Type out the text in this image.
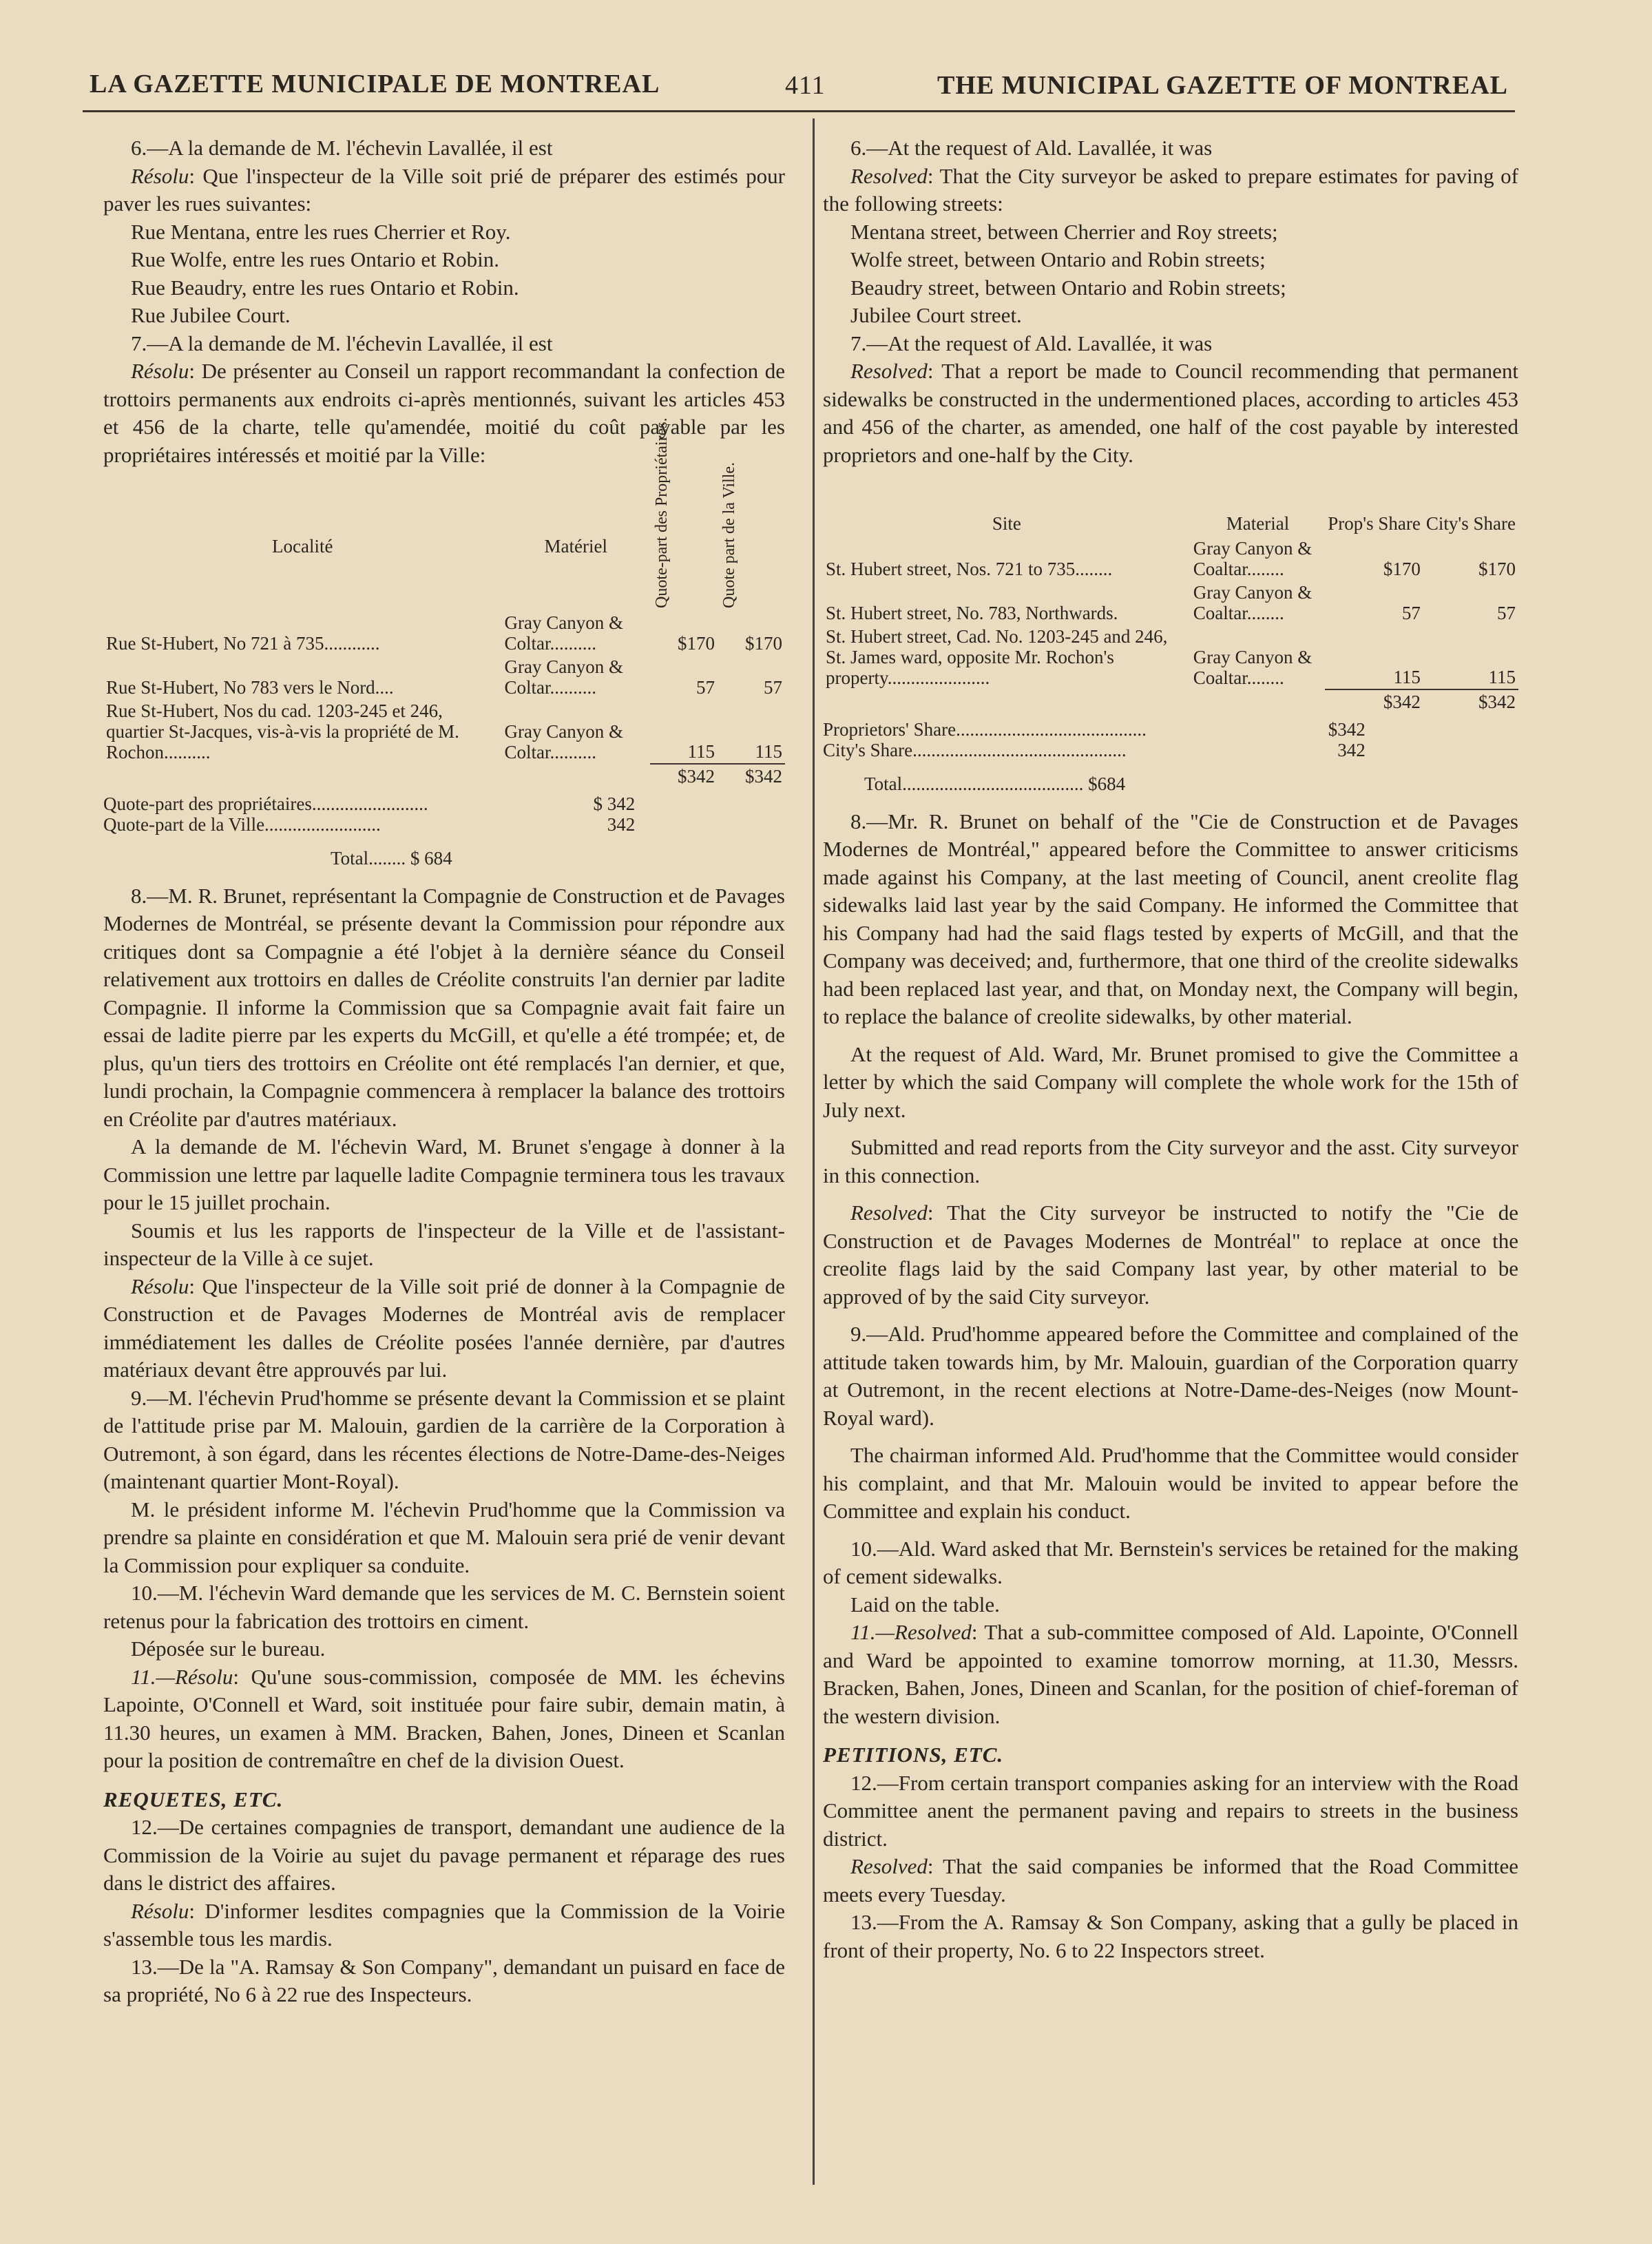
LA GAZETTE MUNICIPALE DE MONTREAL	411	THE MUNICIPAL GAZETTE OF MONTREAL

6.—A la demande de M. l'échevin Lavallée, il est

Résolu: Que l'inspecteur de la Ville soit prié de préparer des estimés pour paver les rues suivantes:

Rue Mentana, entre les rues Cherrier et Roy.

Rue Wolfe, entre les rues Ontario et Robin.

Rue Beaudry, entre les rues Ontario et Robin.

Rue Jubilee Court.

7.—A la demande de M. l'échevin Lavallée, il est

Résolu: De présenter au Conseil un rapport recommandant la confection de trottoirs permanents aux endroits ci-après mentionnés, suivant les articles 453 et 456 de la charte, telle qu'amendée, moitié du coût payable par les propriétaires intéressés et moitié par la Ville:

Localité	Matériel	Quote-part des Propriétaires.	Quote part de la Ville.

Rue St-Hubert, No 721 à 735............	Gray Canyon & Coltar..........	$170	$170
Rue St-Hubert, No 783 vers le Nord....	Gray Canyon & Coltar..........	57	57
Rue St-Hubert, Nos du cad. 1203-245 et 246, quartier St-Jacques, vis-à-vis la propriété de M. Rochon..........	Gray Canyon & Coltar..........	115	115
		$342	$342
Quote-part des propriétaires.........................	$ 342
Quote-part de la Ville.........................	342
Total........ $ 684

8.—M. R. Brunet, représentant la Compagnie de Construction et de Pavages Modernes de Montréal, se présente devant la Commission pour répondre aux critiques dont sa Compagnie a été l'objet à la dernière séance du Conseil relativement aux trottoirs en dalles de Créolite construits l'an dernier par ladite Compagnie. Il informe la Commission que sa Compagnie avait fait faire un essai de ladite pierre par les experts du McGill, et qu'elle a été trompée; et, de plus, qu'un tiers des trottoirs en Créolite ont été remplacés l'an dernier, et que, lundi prochain, la Compagnie commencera à remplacer la balance des trottoirs en Créolite par d'autres matériaux.

A la demande de M. l'échevin Ward, M. Brunet s'engage à donner à la Commission une lettre par laquelle ladite Compagnie terminera tous les travaux pour le 15 juillet prochain.

Soumis et lus les rapports de l'inspecteur de la Ville et de l'assistant-inspecteur de la Ville à ce sujet.

Résolu: Que l'inspecteur de la Ville soit prié de donner à la Compagnie de Construction et de Pavages Modernes de Montréal avis de remplacer immédiatement les dalles de Créolite posées l'année dernière, par d'autres matériaux devant être approuvés par lui.

9.—M. l'échevin Prud'homme se présente devant la Commission et se plaint de l'attitude prise par M. Malouin, gardien de la carrière de la Corporation à Outremont, à son égard, dans les récentes élections de Notre-Dame-des-Neiges (maintenant quartier Mont-Royal).

M. le président informe M. l'échevin Prud'homme que la Commission va prendre sa plainte en considération et que M. Malouin sera prié de venir devant la Commission pour expliquer sa conduite.

10.—M. l'échevin Ward demande que les services de M. C. Bernstein soient retenus pour la fabrication des trottoirs en ciment.

Déposée sur le bureau.

11.—Résolu: Qu'une sous-commission, composée de MM. les échevins Lapointe, O'Connell et Ward, soit instituée pour faire subir, demain matin, à 11.30 heures, un examen à MM. Bracken, Bahen, Jones, Dineen et Scanlan pour la position de contremaître en chef de la division Ouest.

REQUETES, ETC.

12.—De certaines compagnies de transport, demandant une audience de la Commission de la Voirie au sujet du pavage permanent et réparage des rues dans le district des affaires.

Résolu: D'informer lesdites compagnies que la Commission de la Voirie s'assemble tous les mardis.

13.—De la "A. Ramsay & Son Company", demandant un puisard en face de sa propriété, No 6 à 22 rue des Inspecteurs.

6.—At the request of Ald. Lavallée, it was

Resolved: That the City surveyor be asked to prepare estimates for paving of the following streets:

Mentana street, between Cherrier and Roy streets;

Wolfe street, between Ontario and Robin streets;

Beaudry street, between Ontario and Robin streets;

Jubilee Court street.

7.—At the request of Ald. Lavallée, it was

Resolved: That a report be made to Council recommending that permanent sidewalks be constructed in the undermentioned places, according to articles 453 and 456 of the charter, as amended, one half of the cost payable by interested proprietors and one-half by the City.

Site	Material	Prop's Share	City's Share
St. Hubert street, Nos. 721 to 735........	Gray Canyon & Coaltar........	$170	$170
St. Hubert street, No. 783, Northwards.	Gray Canyon & Coaltar........	57	57
St. Hubert street, Cad. No. 1203-245 and 246, St. James ward, opposite Mr. Rochon's property......................	Gray Canyon & Coaltar........	115	115
		$342	$342
Proprietors' Share.........................................	$342
City's Share..............................................	342
Total....................................... $684

8.—Mr. R. Brunet on behalf of the "Cie de Construction et de Pavages Modernes de Montréal," appeared before the Committee to answer criticisms made against his Company, at the last meeting of Council, anent creolite flag sidewalks laid last year by the said Company. He informed the Committee that his Company had had the said flags tested by experts of McGill, and that the Company was deceived; and, furthermore, that one third of the creolite sidewalks had been replaced last year, and that, on Monday next, the Company will begin, to replace the balance of creolite sidewalks, by other material.

At the request of Ald. Ward, Mr. Brunet promised to give the Committee a letter by which the said Company will complete the whole work for the 15th of July next.

Submitted and read reports from the City surveyor and the asst. City surveyor in this connection.

Resolved: That the City surveyor be instructed to notify the "Cie de Construction et de Pavages Modernes de Montréal" to replace at once the creolite flags laid by the said Company last year, by other material to be approved of by the said City surveyor.

9.—Ald. Prud'homme appeared before the Committee and complained of the attitude taken towards him, by Mr. Malouin, guardian of the Corporation quarry at Outremont, in the recent elections at Notre-Dame-des-Neiges (now Mount-Royal ward).

The chairman informed Ald. Prud'homme that the Committee would consider his complaint, and that Mr. Malouin would be invited to appear before the Committee and explain his conduct.

10.—Ald. Ward asked that Mr. Bernstein's services be retained for the making of cement sidewalks.

Laid on the table.

11.—Resolved: That a sub-committee composed of Ald. Lapointe, O'Connell and Ward be appointed to examine tomorrow morning, at 11.30, Messrs. Bracken, Bahen, Jones, Dineen and Scanlan, for the position of chief-foreman of the western division.

PETITIONS, ETC.

12.—From certain transport companies asking for an interview with the Road Committee anent the permanent paving and repairs to streets in the business district.

Resolved: That the said companies be informed that the Road Committee meets every Tuesday.

13.—From the A. Ramsay & Son Company, asking that a gully be placed in front of their property, No. 6 to 22 Inspectors street.
